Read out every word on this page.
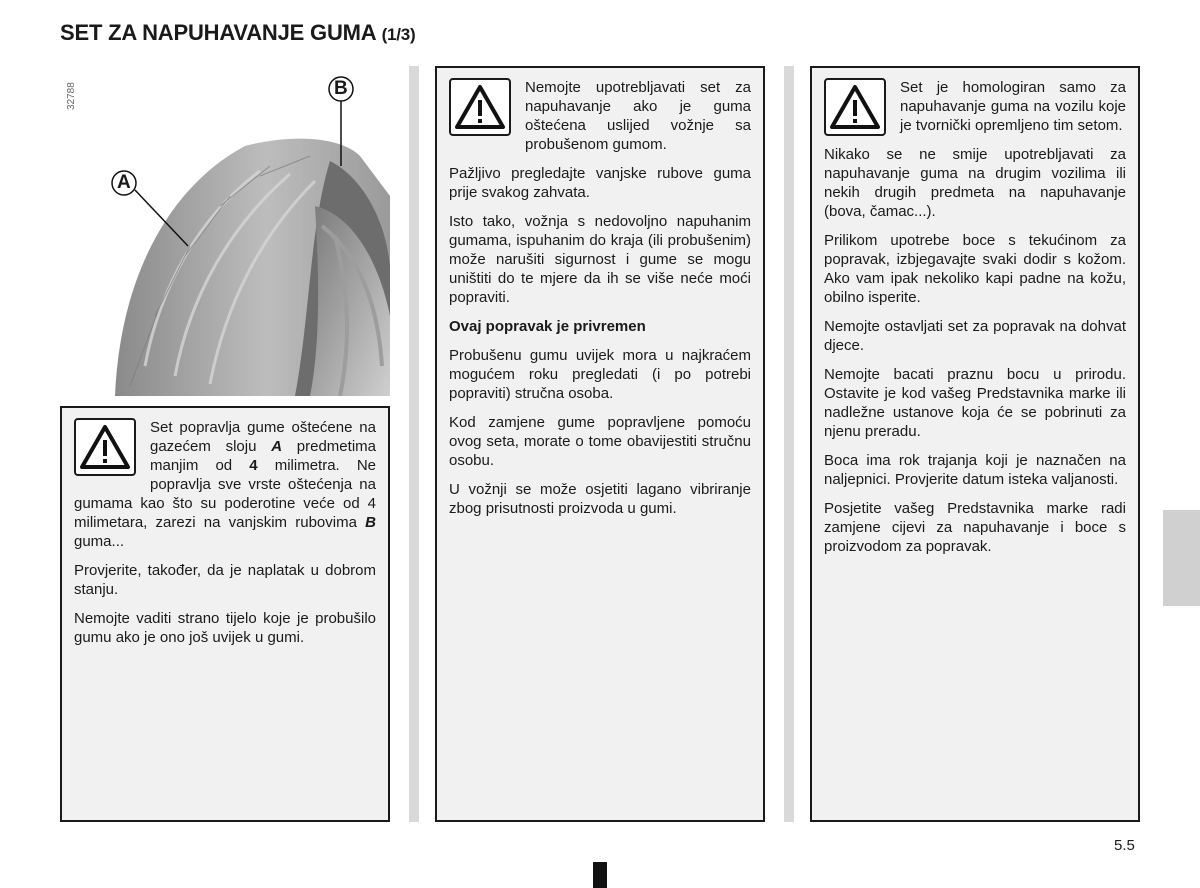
SET ZA NAPUHAVANJE GUMA (1/3)
A
B
32788

Set popravlja gume oštećene na gazećem sloju A predmetima manjim od 4 milimetra. Ne popravlja sve vrste oštećenja na gumama kao što su poderotine veće od 4 milimetara, zarezi na vanjskim rubovima B guma...

Provjerite, također, da je naplatak u dobrom stanju.

Nemojte vaditi strano tijelo koje je probušilo gumu ako je ono još uvijek u gumi.

Nemojte upotrebljavati set za napuhavanje ako je guma oštećena uslijed vožnje sa probušenom gumom.

Pažljivo pregledajte vanjske rubove guma prije svakog zahvata.

Isto tako, vožnja s nedovoljno napuhanim gumama, ispuhanim do kraja (ili probušenim) može narušiti sigurnost i gume se mogu uništiti do te mjere da ih se više neće moći popraviti.

Ovaj popravak je privremen

Probušenu gumu uvijek mora u najkraćem mogućem roku pregledati (i po potrebi popraviti) stručna osoba.

Kod zamjene gume popravljene pomoću ovog seta, morate o tome obavijestiti stručnu osobu.

U vožnji se može osjetiti lagano vibriranje zbog prisutnosti proizvoda u gumi.

Set je homologiran samo za napuhavanje guma na vozilu koje je tvornički opremljeno tim setom.

Nikako se ne smije upotrebljavati za napuhavanje guma na drugim vozilima ili nekih drugih predmeta na napuhavanje (bova, čamac...).

Prilikom upotrebe boce s tekućinom za popravak, izbjegavajte svaki dodir s kožom. Ako vam ipak nekoliko kapi padne na kožu, obilno isperite.

Nemojte ostavljati set za popravak na dohvat djece.

Nemojte bacati praznu bocu u prirodu. Ostavite je kod vašeg Predstavnika marke ili nadležne ustanove koja će se pobrinuti za njenu preradu.

Boca ima rok trajanja koji je naznačen na naljepnici. Provjerite datum isteka valjanosti.

Posjetite vašeg Predstavnika marke radi zamjene cijevi za napuhavanje i boce s proizvodom za popravak.

5.5
